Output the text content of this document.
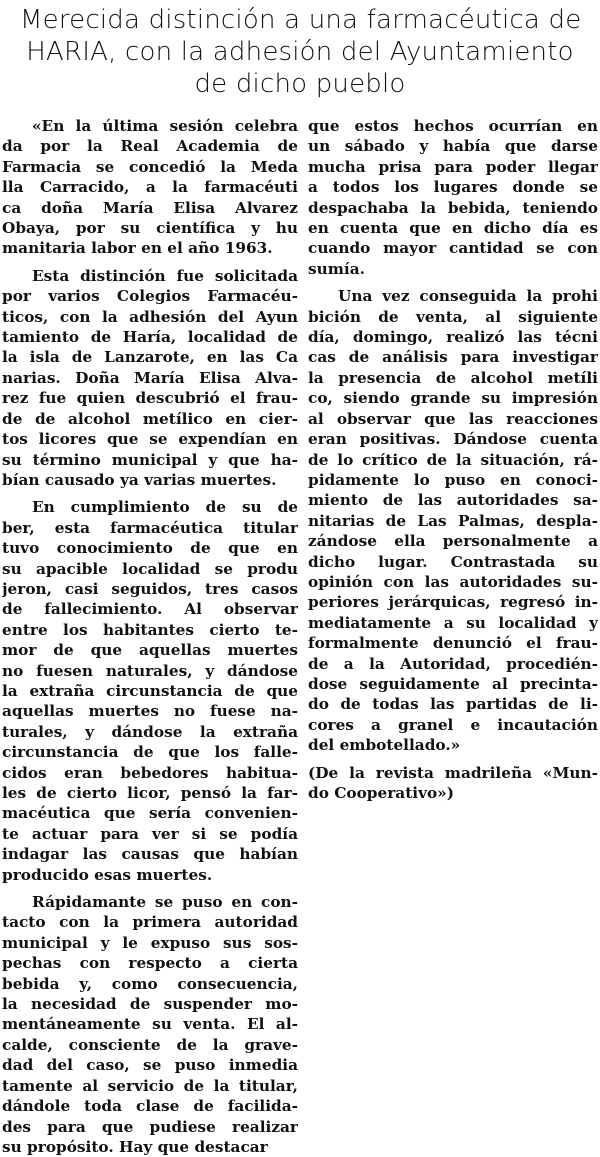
Merecida distinción a una farmacéutica de
HARIA, con la adhesión del Ayuntamiento
de dicho pueblo
«En la última sesión celebra
da por la Real Academia de
Farmacia se concedió la Meda
lla Carracido, a la farmacéuti
ca doña María Elisa Alvarez
Obaya, por su científica y hu
manitaria labor en el año 1963.
Esta distinción fue solicitada
por varios Colegios Farmacéu-
ticos, con la adhesión del Ayun
tamiento de Haría, localidad de
la isla de Lanzarote, en las Ca
narias. Doña María Elisa Alva-
rez fue quien descubrió el frau-
de de alcohol metílico en cier-
tos licores que se expendían en
su término municipal y que ha-
bían causado ya varias muertes.
En cumplimiento de su de
ber, esta farmacéutica titular
tuvo conocimiento de que en
su apacible localidad se produ
jeron, casi seguidos, tres casos
de fallecimiento. Al observar
entre los habitantes cierto te-
mor de que aquellas muertes
no fuesen naturales, y dándose
la extraña circunstancia de que
aquellas muertes no fuese na-
turales, y dándose la extraña
circunstancia de que los falle-
cidos eran bebedores habitua-
les de cierto licor, pensó la far-
macéutica que sería convenien-
te actuar para ver si se podía
indagar las causas que habían
producido esas muertes.
Rápidamante se puso en con-
tacto con la primera autoridad
municipal y le expuso sus sos-
pechas con respecto a cierta
bebida y, como consecuencia,
la necesidad de suspender mo-
mentáneamente su venta. El al-
calde, consciente de la grave-
dad del caso, se puso inmedia
tamente al servicio de la titular,
dándole toda clase de facilida-
des para que pudiese realizar
su propósito. Hay que destacar
que estos hechos ocurrían en
un sábado y había que darse
mucha prisa para poder llegar
a todos los lugares donde se
despachaba la bebida, teniendo
en cuenta que en dicho día es
cuando mayor cantidad se con
sumía.
Una vez conseguida la prohi
bición de venta, al siguiente
día, domingo, realizó las técni
cas de análisis para investigar
la presencia de alcohol metíli
co, siendo grande su impresión
al observar que las reacciones
eran positivas. Dándose cuenta
de lo crítico de la situación, rá-
pidamente lo puso en conoci-
miento de las autoridades sa-
nitarias de Las Palmas, despla-
zándose ella personalmente a
dicho lugar. Contrastada su
opinión con las autoridades su-
periores jerárquicas, regresó in-
mediatamente a su localidad y
formalmente denunció el frau-
de a la Autoridad, procedién-
dose seguidamente al precinta-
do de todas las partidas de li-
cores a granel e incautación
del embotellado.»
(De la revista madrileña «Mun-
do Cooperativo»)
